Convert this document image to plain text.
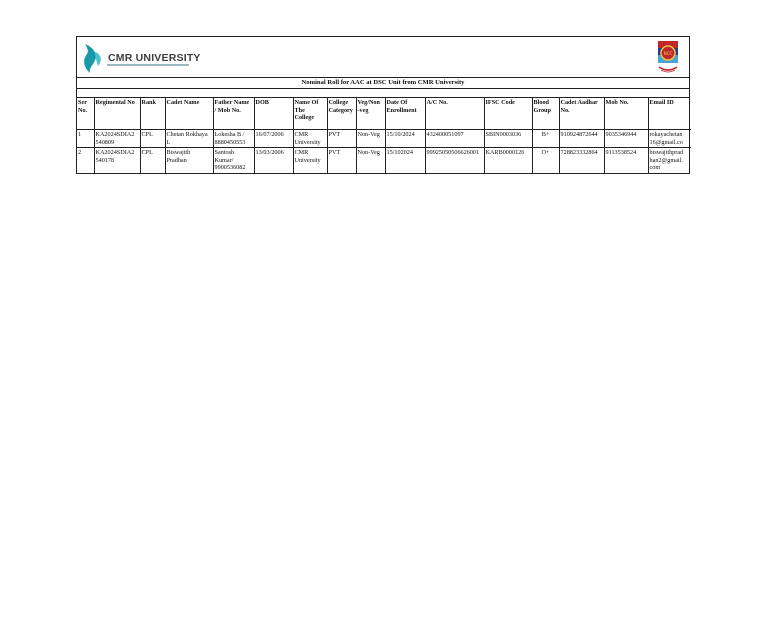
CMR UNIVERSITY	NCC
Nominal Roll for AAC at DSC Unit from CMR University
Ser No.	Regimental No	Rank	Cadet Name	Father Name / Mob No.	DOB	Name Of The College	College Category	Veg/Non -veg	Date Of Enrollment	A/C No.	IFSC Code	Blood Group	Cadet Aadhar No.	Mob No.	Email ID
1	KA2024SDIA2 540809	CPL	Chetan Rokhaya L	Lokesha B / 8880450553	16/07/2006	CMR University	PVT	Non-Veg	15/10/2024	432400051097	SBIN0003036	B+	910924872644	9035346944	rokayachetan 16@gmail.co
2	KA2024SDIA2 540178	CPL	Biswajith Pradhan	Santosh Kumar/ 9900536082	13/03/2006	CMR University	PVT	Non-Veg	15/102024	99925050506626001	KARB0000126	O+	728823332864	9113538524	biswajithprad han2@gmail. com
